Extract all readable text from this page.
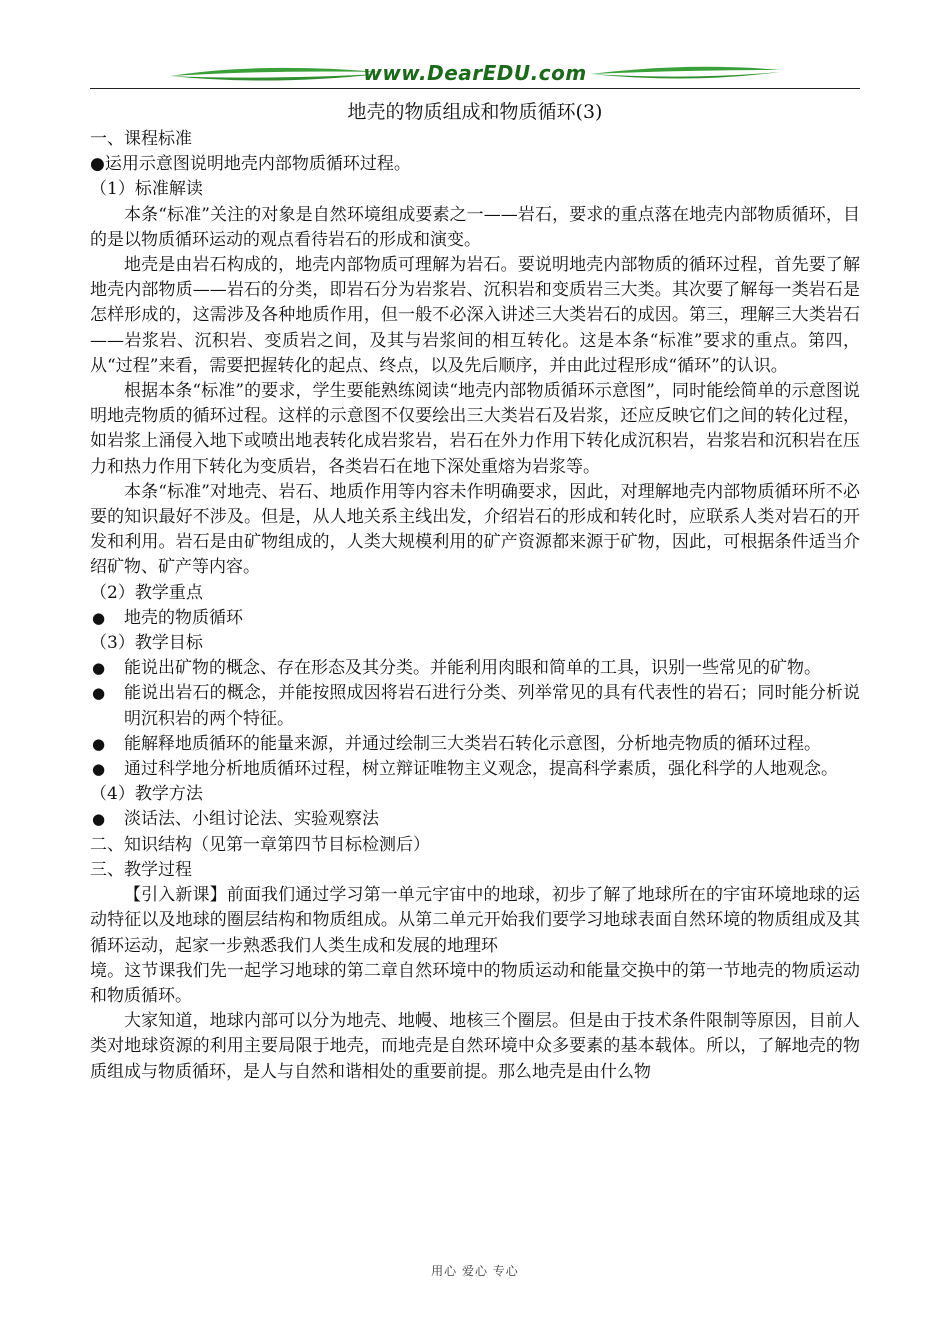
www.DearEDU.com
地壳的物质组成和物质循环(3)
一、课程标准
●运用示意图说明地壳内部物质循环过程。
（1）标准解读
本条“标准”关注的对象是自然环境组成要素之一——岩石，要求的重点落在地壳内部物质循环，目的是以物质循环运动的观点看待岩石的形成和演变。
地壳是由岩石构成的，地壳内部物质可理解为岩石。要说明地壳内部物质的循环过程，首先要了解地壳内部物质——岩石的分类，即岩石分为岩浆岩、沉积岩和变质岩三大类。其次要了解每一类岩石是怎样形成的，这需涉及各种地质作用，但一般不必深入讲述三大类岩石的成因。第三，理解三大类岩石——岩浆岩、沉积岩、变质岩之间，及其与岩浆间的相互转化。这是本条“标准”要求的重点。第四，从“过程”来看，需要把握转化的起点、终点，以及先后顺序，并由此过程形成“循环”的认识。
根据本条“标准”的要求，学生要能熟练阅读“地壳内部物质循环示意图”，同时能绘简单的示意图说明地壳物质的循环过程。这样的示意图不仅要绘出三大类岩石及岩浆，还应反映它们之间的转化过程，如岩浆上涌侵入地下或喷出地表转化成岩浆岩，岩石在外力作用下转化成沉积岩，岩浆岩和沉积岩在压力和热力作用下转化为变质岩，各类岩石在地下深处重熔为岩浆等。
本条“标准”对地壳、岩石、地质作用等内容未作明确要求，因此，对理解地壳内部物质循环所不必要的知识最好不涉及。但是，从人地关系主线出发，介绍岩石的形成和转化时，应联系人类对岩石的开发和利用。岩石是由矿物组成的，人类大规模利用的矿产资源都来源于矿物，因此，可根据条件适当介绍矿物、矿产等内容。
（2）教学重点
● 地壳的物质循环
（3）教学目标
● 能说出矿物的概念、存在形态及其分类。并能利用肉眼和简单的工具，识别一些常见的矿物。
● 能说出岩石的概念，并能按照成因将岩石进行分类、列举常见的具有代表性的岩石；同时能分析说明沉积岩的两个特征。
● 能解释地质循环的能量来源，并通过绘制三大类岩石转化示意图，分析地壳物质的循环过程。
● 通过科学地分析地质循环过程，树立辩证唯物主义观念，提高科学素质，强化科学的人地观念。
（4）教学方法
● 淡话法、小组讨论法、实验观察法
二、知识结构（见第一章第四节目标检测后）
三、教学过程
【引入新课】前面我们通过学习第一单元宇宙中的地球，初步了解了地球所在的宇宙环境地球的运动特征以及地球的圈层结构和物质组成。从第二单元开始我们要学习地球表面自然环境的物质组成及其循环运动，起家一步熟悉我们人类生成和发展的地理环
境。这节课我们先一起学习地球的第二章自然环境中的物质运动和能量交换中的第一节地壳的物质运动和物质循环。
大家知道，地球内部可以分为地壳、地幔、地核三个圈层。但是由于技术条件限制等原因，目前人类对地球资源的利用主要局限于地壳，而地壳是自然环境中众多要素的基本载体。所以，了解地壳的物质组成与物质循环，是人与自然和谐相处的重要前提。那么地壳是由什么物
用心 爱心 专心
